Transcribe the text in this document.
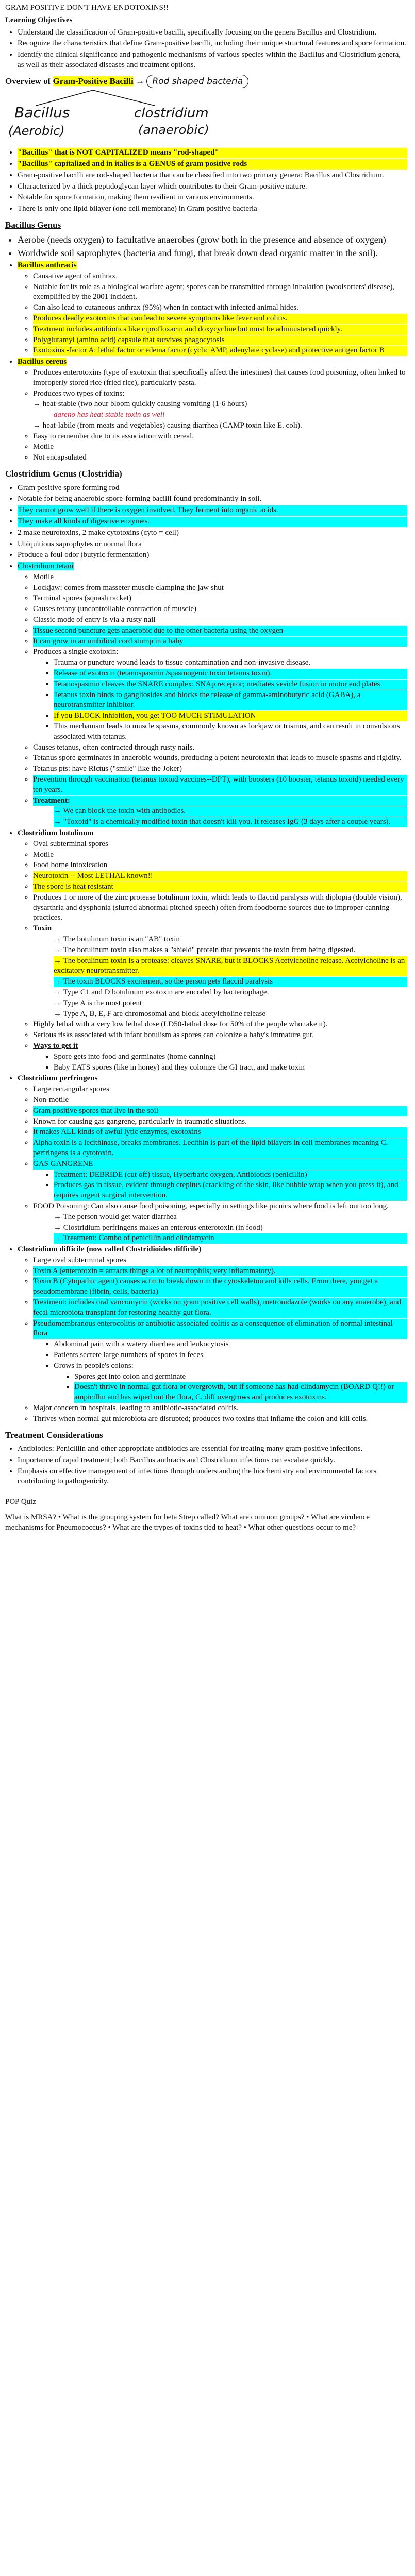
GRAM POSITIVE DON'T HAVE ENDOTOXINS!!
Learning Objectives
• Understand the classification of Gram-positive bacilli, specifically focusing on the genera Bacillus and Clostridium.
• Recognize the characteristics that define Gram-positive bacilli, including their unique structural features and spore formation.
• Identify the clinical significance and pathogenic mechanisms of various species within the Bacillus and Clostridium genera, as well as their associated diseases and treatment options.
Overview of Gram-Positive Bacilli → Rod shaped bacteria
Bacillus
(Aerobic)
clostridium
(anaerobic)
• "Bacillus" that is NOT CAPITALIZED means "rod-shaped"
• "Bacillus" capitalized and in italics is a GENUS of gram positive rods
• Gram-positive bacilli are rod-shaped bacteria that can be classified into two primary genera: Bacillus and Clostridium.
• Characterized by a thick peptidoglycan layer which contributes to their Gram-positive nature.
• Notable for spore formation, making them resilient in various environments.
• There is only one lipid bilayer (one cell membrane) in Gram positive bacteria
Bacillus Genus
• Aerobe (needs oxygen) to facultative anaerobes (grow both in the presence and absence of oxygen)
• Worldwide soil saprophytes (bacteria and fungi, that break down dead organic matter in the soil).
• Bacillus anthracis
◦ Causative agent of anthrax.
◦ Notable for its role as a biological warfare agent; spores can be transmitted through inhalation (woolsorters' disease), exemplified by the 2001 incident.
◦ Can also lead to cutaneous anthrax (95%) when in contact with infected animal hides.
◦ Produces deadly exotoxins that can lead to severe symptoms like fever and colitis.
◦ Treatment includes antibiotics like ciprofloxacin and doxycycline but must be administered quickly.
◦ Polyglutamyl (amino acid) capsule that survives phagocytosis
◦ Exotoxins -factor A: lethal factor or edema factor (cyclic AMP, adenylate cyclase) and protective antigen factor B
• Bacillus cereus
◦ Produces enterotoxins (type of exotoxin that specifically affect the intestines) that causes food poisoning, often linked to improperly stored rice (fried rice), particularly pasta.
◦ Produces two types of toxins:
→ heat-stable (two hour bloom quickly causing vomiting (1-6 hours)
dareno has heat stable toxin as well
→ heat-labile (from meats and vegetables) causing diarrhea (CAMP toxin like E. coli).
◦ Easy to remember due to its association with cereal.
◦ Motile
◦ Not encapsulated
Clostridium Genus (Clostridia)
• Gram positive spore forming rod
• Notable for being anaerobic spore-forming bacilli found predominantly in soil.
• They cannot grow well if there is oxygen involved. They ferment into organic acids.
• They make all kinds of digestive enzymes.
• 2 make neurotoxins, 2 make cytotoxins (cyto = cell)
• Ubiquitious saprophytes or normal flora
• Produce a foul odor (butyric fermentation)
• Clostridium tetani
◦ Motile
◦ Lockjaw: comes from masseter muscle clamping the jaw shut
◦ Terminal spores (squash racket)
◦ Causes tetany (uncontrollable contraction of muscle)
◦ Classic mode of entry is via a rusty nail
◦ Tissue second puncture gets anaerobic due to the other bacteria using the oxygen
◦ It can grow in an umbilical cord stump in a baby
◦ Produces a single exotoxin:
▪ Trauma or puncture wound leads to tissue contamination and non-invasive disease.
▪ Release of exotoxin (tetanospasmin /spasmogenic toxin tetanus toxin).
▪ Tetanospasmin cleaves the SNARE complex: SNAp receptor; mediates vesicle fusion in motor end plates
▪ Tetanus toxin binds to gangliosides and blocks the release of gamma-aminobutyric acid (GABA), a neurotransmitter inhibitor.
▪ If you BLOCK inhibition, you get TOO MUCH STIMULATION
▪ This mechanism leads to muscle spasms, commonly known as lockjaw or trismus, and can result in convulsions associated with tetanus.
◦ Causes tetanus, often contracted through rusty nails.
◦ Tetanus spore germinates in anaerobic wounds, producing a potent neurotoxin that leads to muscle spasms and rigidity.
◦ Tetanus pts: have Rictus ("smile" like the Joker)
◦ Prevention through vaccination (tetanus toxoid vaccines--DPT), with boosters (10 booster, tetanus toxoid) needed every ten years.
◦ Treatment:
→ We can block the toxin with antibodies.
→ "Toxoid" is a chemically modified toxin that doesn't kill you. It releases IgG (3 days after a couple years).
• Clostridium botulinum
◦ Oval subterminal spores
◦ Motile
◦ Food borne intoxication
◦ Neurotoxin -- Most LETHAL known!!
◦ The spore is heat resistant
◦ Produces 1 or more of the zinc protease botulinum toxin, which leads to flaccid paralysis with diplopia (double vision), dysarthria and dysphonia (slurred abnormal pitched speech) often from foodborne sources due to improper canning practices.
◦ Toxin
→ The botulinum toxin is an "AB" toxin
→ The botulinum toxin also makes a "shield" protein that prevents the toxin from being digested.
→ The botulinum toxin is a protease: cleaves SNARE, but it BLOCKS Acetylcholine release. Acetylcholine is an excitatory neurotransmitter.
→ The toxin BLOCKS excitement, so the person gets flaccid paralysis
→ Type C1 and D botulinum exotoxin are encoded by bacteriophage.
→ Type A is the most potent
→ Type A, B, E, F are chromosomal and block acetylcholine release
◦ Highly lethal with a very low lethal dose (LD50-lethal dose for 50% of the people who take it).
◦ Serious risks associated with infant botulism as spores can colonize a baby's immature gut.
◦ Ways to get it
▪ Spore gets into food and germinates (home canning)
▪ Baby EATS spores (like in honey) and they colonize the GI tract, and make toxin
• Clostridium perfringens
◦ Large rectangular spores
◦ Non-motile
◦ Gram positive spores that live in the soil
◦ Known for causing gas gangrene, particularly in traumatic situations.
◦ It makes ALL kinds of awful lytic enzymes, exotoxins
◦ Alpha toxin is a lecithinase, breaks membranes. Lecithin is part of the lipid bilayers in cell membranes meaning C. perfringens is a cytotoxin.
◦ GAS GANGRENE
▪ Treatment: DEBRIDE (cut off) tissue, Hyperbaric oxygen, Antibiotics (penicillin)
▪ Produces gas in tissue, evident through crepitus (crackling of the skin, like bubble wrap when you press it), and requires urgent surgical intervention.
◦ FOOD Poisoning: Can also cause food poisoning, especially in settings like picnics where food is left out too long.
→ The person would get water diarrhea
→ Clostridium perfringens makes an enterous enterotoxin (in food)
→ Treatment: Combo of penicillin and clindamycin
• Clostridium difficile (now called Clostridioides difficile)
◦ Large oval subterminal spores
◦ Toxin A (enterotoxin = attracts things a lot of neutrophils; very inflammatory).
◦ Toxin B (Cytopathic agent) causes actin to break down in the cytoskeleton and kills cells. From there, you get a pseudomembrane (fibrin, cells, bacteria)
◦ Treatment: includes oral vancomycin (works on gram positive cell walls), metronidazole (works on any anaerobe), and fecal microbiota transplant for restoring healthy gut flora.
◦ Pseudomembranous enterocolitis or antibiotic associated colitis as a consequence of elimination of normal intestinal flora
▪ Abdominal pain with a watery diarrhea and leukocytosis
▪ Patients secrete large numbers of spores in feces
▪ Grows in people's colons:
▪ Spores get into colon and germinate
▪ Doesn't thrive in normal gut flora or overgrowth, but if someone has had clindamycin (BOARD Q!!) or ampicillin and has wiped out the flora, C. diff overgrows and produces exotoxins.
◦ Major concern in hospitals, leading to antibiotic-associated colitis.
◦ Thrives when normal gut microbiota are disrupted; produces two toxins that inflame the colon and kill cells.
Treatment Considerations
• Antibiotics: Penicillin and other appropriate antibiotics are essential for treating many gram-positive infections.
• Importance of rapid treatment; both Bacillus anthracis and Clostridium infections can escalate quickly.
• Emphasis on effective management of infections through understanding the biochemistry and environmental factors contributing to pathogenicity.
POP Quiz
What is MRSA? • What is the grouping system for beta Strep called? What are common groups? • What are virulence mechanisms for Pneumococcus? • What are the trypes of toxins tied to heat? • What other questions occur to me?
